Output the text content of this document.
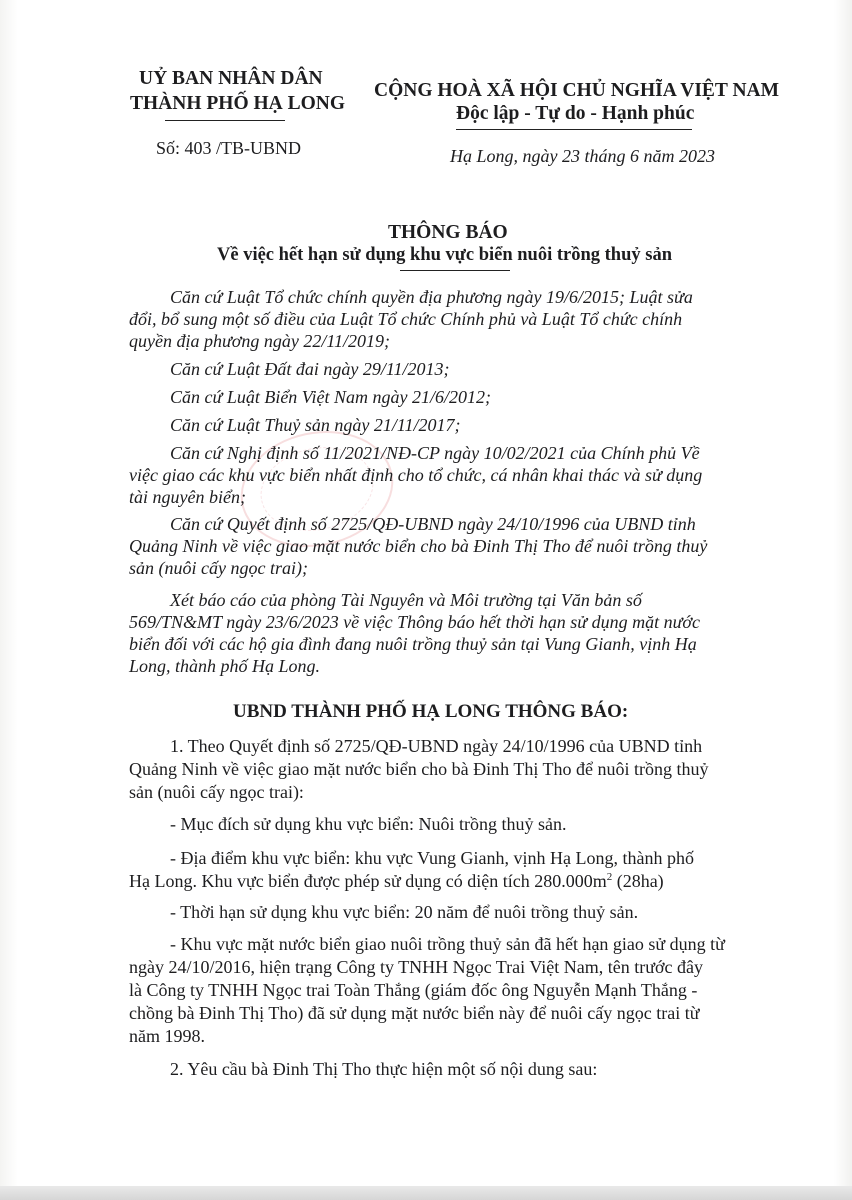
UỶ BAN NHÂN DÂN
THÀNH PHỐ HẠ LONG
Số: 403 /TB-UBND
CỘNG HOÀ XÃ HỘI CHỦ NGHĨA VIỆT NAM
Độc lập - Tự do - Hạnh phúc
Hạ Long, ngày 23 tháng 6 năm 2023
THÔNG BÁO
Về việc hết hạn sử dụng khu vực biển nuôi trồng thuỷ sản
Căn cứ Luật Tổ chức chính quyền địa phương ngày 19/6/2015; Luật sửa
đổi, bổ sung một số điều của Luật Tổ chức Chính phủ và Luật Tổ chức chính
quyền địa phương ngày 22/11/2019;
Căn cứ Luật Đất đai ngày 29/11/2013;
Căn cứ Luật Biển Việt Nam ngày 21/6/2012;
Căn cứ Luật Thuỷ sản ngày 21/11/2017;
Căn cứ Nghị định số 11/2021/NĐ-CP ngày 10/02/2021 của Chính phủ Về
việc giao các khu vực biển nhất định cho tổ chức, cá nhân khai thác và sử dụng
tài nguyên biển;
Căn cứ Quyết định số 2725/QĐ-UBND ngày 24/10/1996 của UBND tỉnh
Quảng Ninh về việc giao mặt nước biển cho bà Đinh Thị Tho để nuôi trồng thuỷ
sản (nuôi cấy ngọc trai);
Xét báo cáo của phòng Tài Nguyên và Môi trường tại Văn bản số
569/TN&MT ngày 23/6/2023 về việc Thông báo hết thời hạn sử dụng mặt nước
biển đối với các hộ gia đình đang nuôi trồng thuỷ sản tại Vung Gianh, vịnh Hạ
Long, thành phố Hạ Long.
UBND THÀNH PHỐ HẠ LONG THÔNG BÁO:
1. Theo Quyết định số 2725/QĐ-UBND ngày 24/10/1996 của UBND tỉnh
Quảng Ninh về việc giao mặt nước biển cho bà Đinh Thị Tho để nuôi trồng thuỷ
sản (nuôi cấy ngọc trai):
- Mục đích sử dụng khu vực biển: Nuôi trồng thuỷ sản.
- Địa điểm khu vực biển: khu vực Vung Gianh, vịnh Hạ Long, thành phố
Hạ Long. Khu vực biển được phép sử dụng có diện tích $280.000m^2$ (28ha)
- Thời hạn sử dụng khu vực biển: 20 năm để nuôi trồng thuỷ sản.
- Khu vực mặt nước biển giao nuôi trồng thuỷ sản đã hết hạn giao sử dụng từ
ngày 24/10/2016, hiện trạng Công ty TNHH Ngọc Trai Việt Nam, tên trước đây
là Công ty TNHH Ngọc trai Toàn Thắng (giám đốc ông Nguyễn Mạnh Thắng -
chồng bà Đinh Thị Tho) đã sử dụng mặt nước biển này để nuôi cấy ngọc trai từ
năm 1998.
2. Yêu cầu bà Đinh Thị Tho thực hiện một số nội dung sau:
